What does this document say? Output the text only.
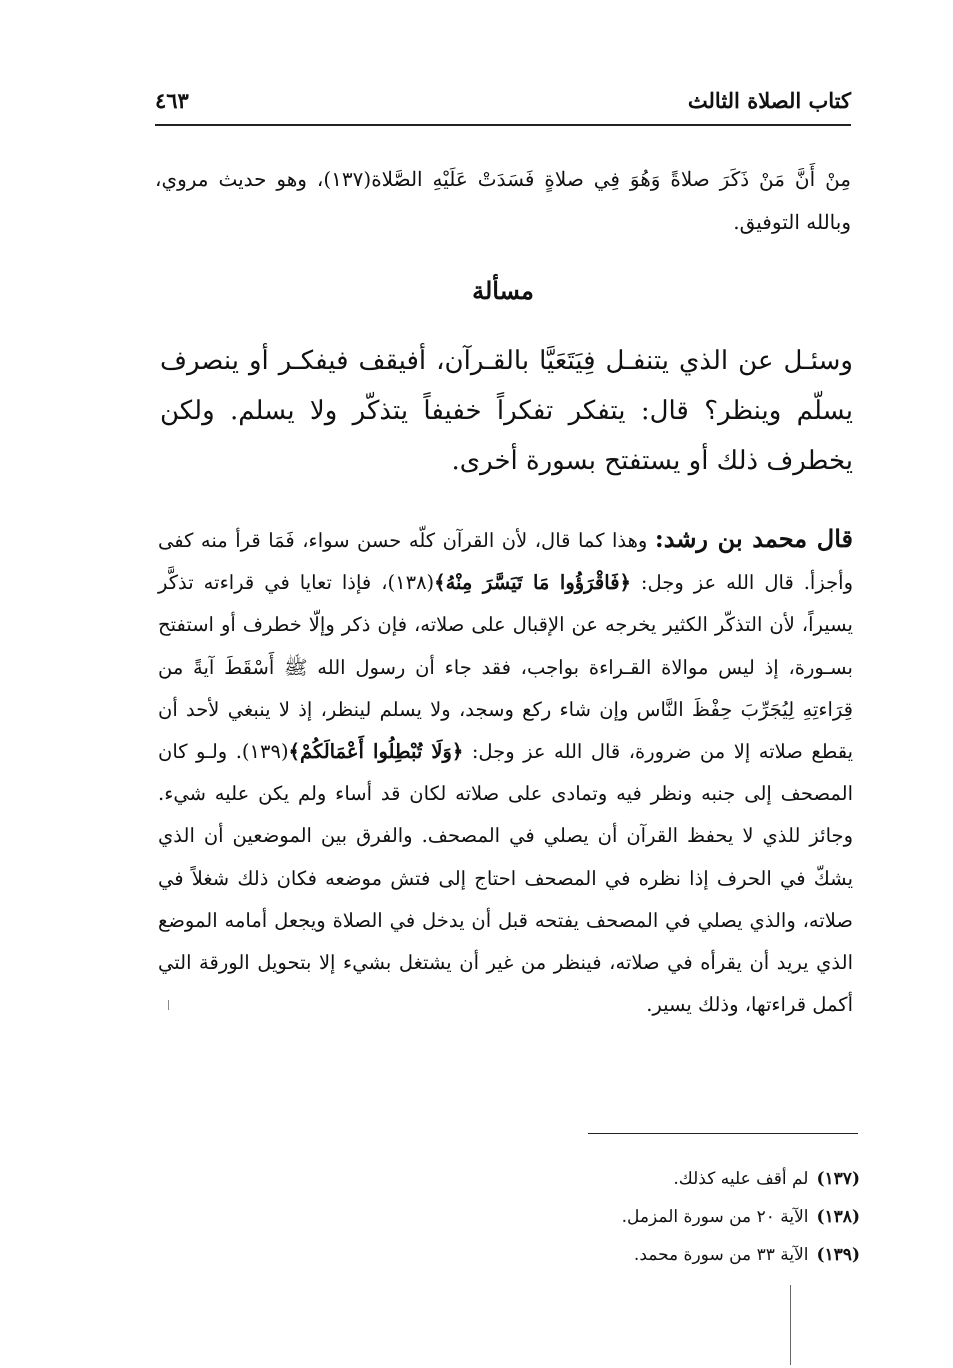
كتاب الصلاة الثالث
٤٦٣
مِنْ أَنَّ مَنْ ذَكَرَ صلاةً وَهُوَ فِي صلاةٍ فَسَدَتْ عَلَيْهِ الصَّلاة(١٣٧)، وهو حديث مروي، وبالله التوفيق.
مسألة
وسئـل عن الذي يتنفـل فِيَتَعَيَّا بالقـرآن، أفيقف فيفكـر أو ينصرف يسلّم وينظر؟ قال: يتفكر تفكراً خفيفاً يتذكّر ولا يسلم. ولكن يخطرف ذلك أو يستفتح بسورة أخرى.
قال محمد بن رشد: وهذا كما قال، لأن القرآن كلّه حسن سواء، فَمَا قرأ منه كفى وأجزأ. قال الله عز وجل: ﴿فَاقْرَؤُوا مَا تَيَسَّرَ مِنْهُ﴾(١٣٨)، فإذا تعايا في قراءته تذكَّر يسيراً، لأن التذكّر الكثير يخرجه عن الإقبال على صلاته، فإن ذكر وإلّا خطرف أو استفتح بسـورة، إذ ليس موالاة القـراءة بواجب، فقد جاء أن رسول الله ﷺ أَسْقَطَ آيةً من قِرَاءتِهِ لِيُجَرِّبَ حِفْظَ النَّاس وإن شاء ركع وسجد، ولا يسلم لينظر، إذ لا ينبغي لأحد أن يقطع صلاته إلا من ضرورة، قال الله عز وجل: ﴿وَلَا تُبْطِلُوا أَعْمَالَكُمْ﴾(١٣٩). ولـو كان المصحف إلى جنبه ونظر فيه وتمادى على صلاته لكان قد أساء ولم يكن عليه شيء. وجائز للذي لا يحفظ القرآن أن يصلي في المصحف. والفرق بين الموضعين أن الذي يشكّ في الحرف إذا نظره في المصحف احتاج إلى فتش موضعه فكان ذلك شغلاً في صلاته، والذي يصلي في المصحف يفتحه قبل أن يدخل في الصلاة ويجعل أمامه الموضع الذي يريد أن يقرأه في صلاته، فينظر من غير أن يشتغل بشيء إلا بتحويل الورقة التي أكمل قراءتها، وذلك يسير.
(١٣٧)لم أقف عليه كذلك.
(١٣٨)الآية ٢٠ من سورة المزمل.
(١٣٩)الآية ٣٣ من سورة محمد.
